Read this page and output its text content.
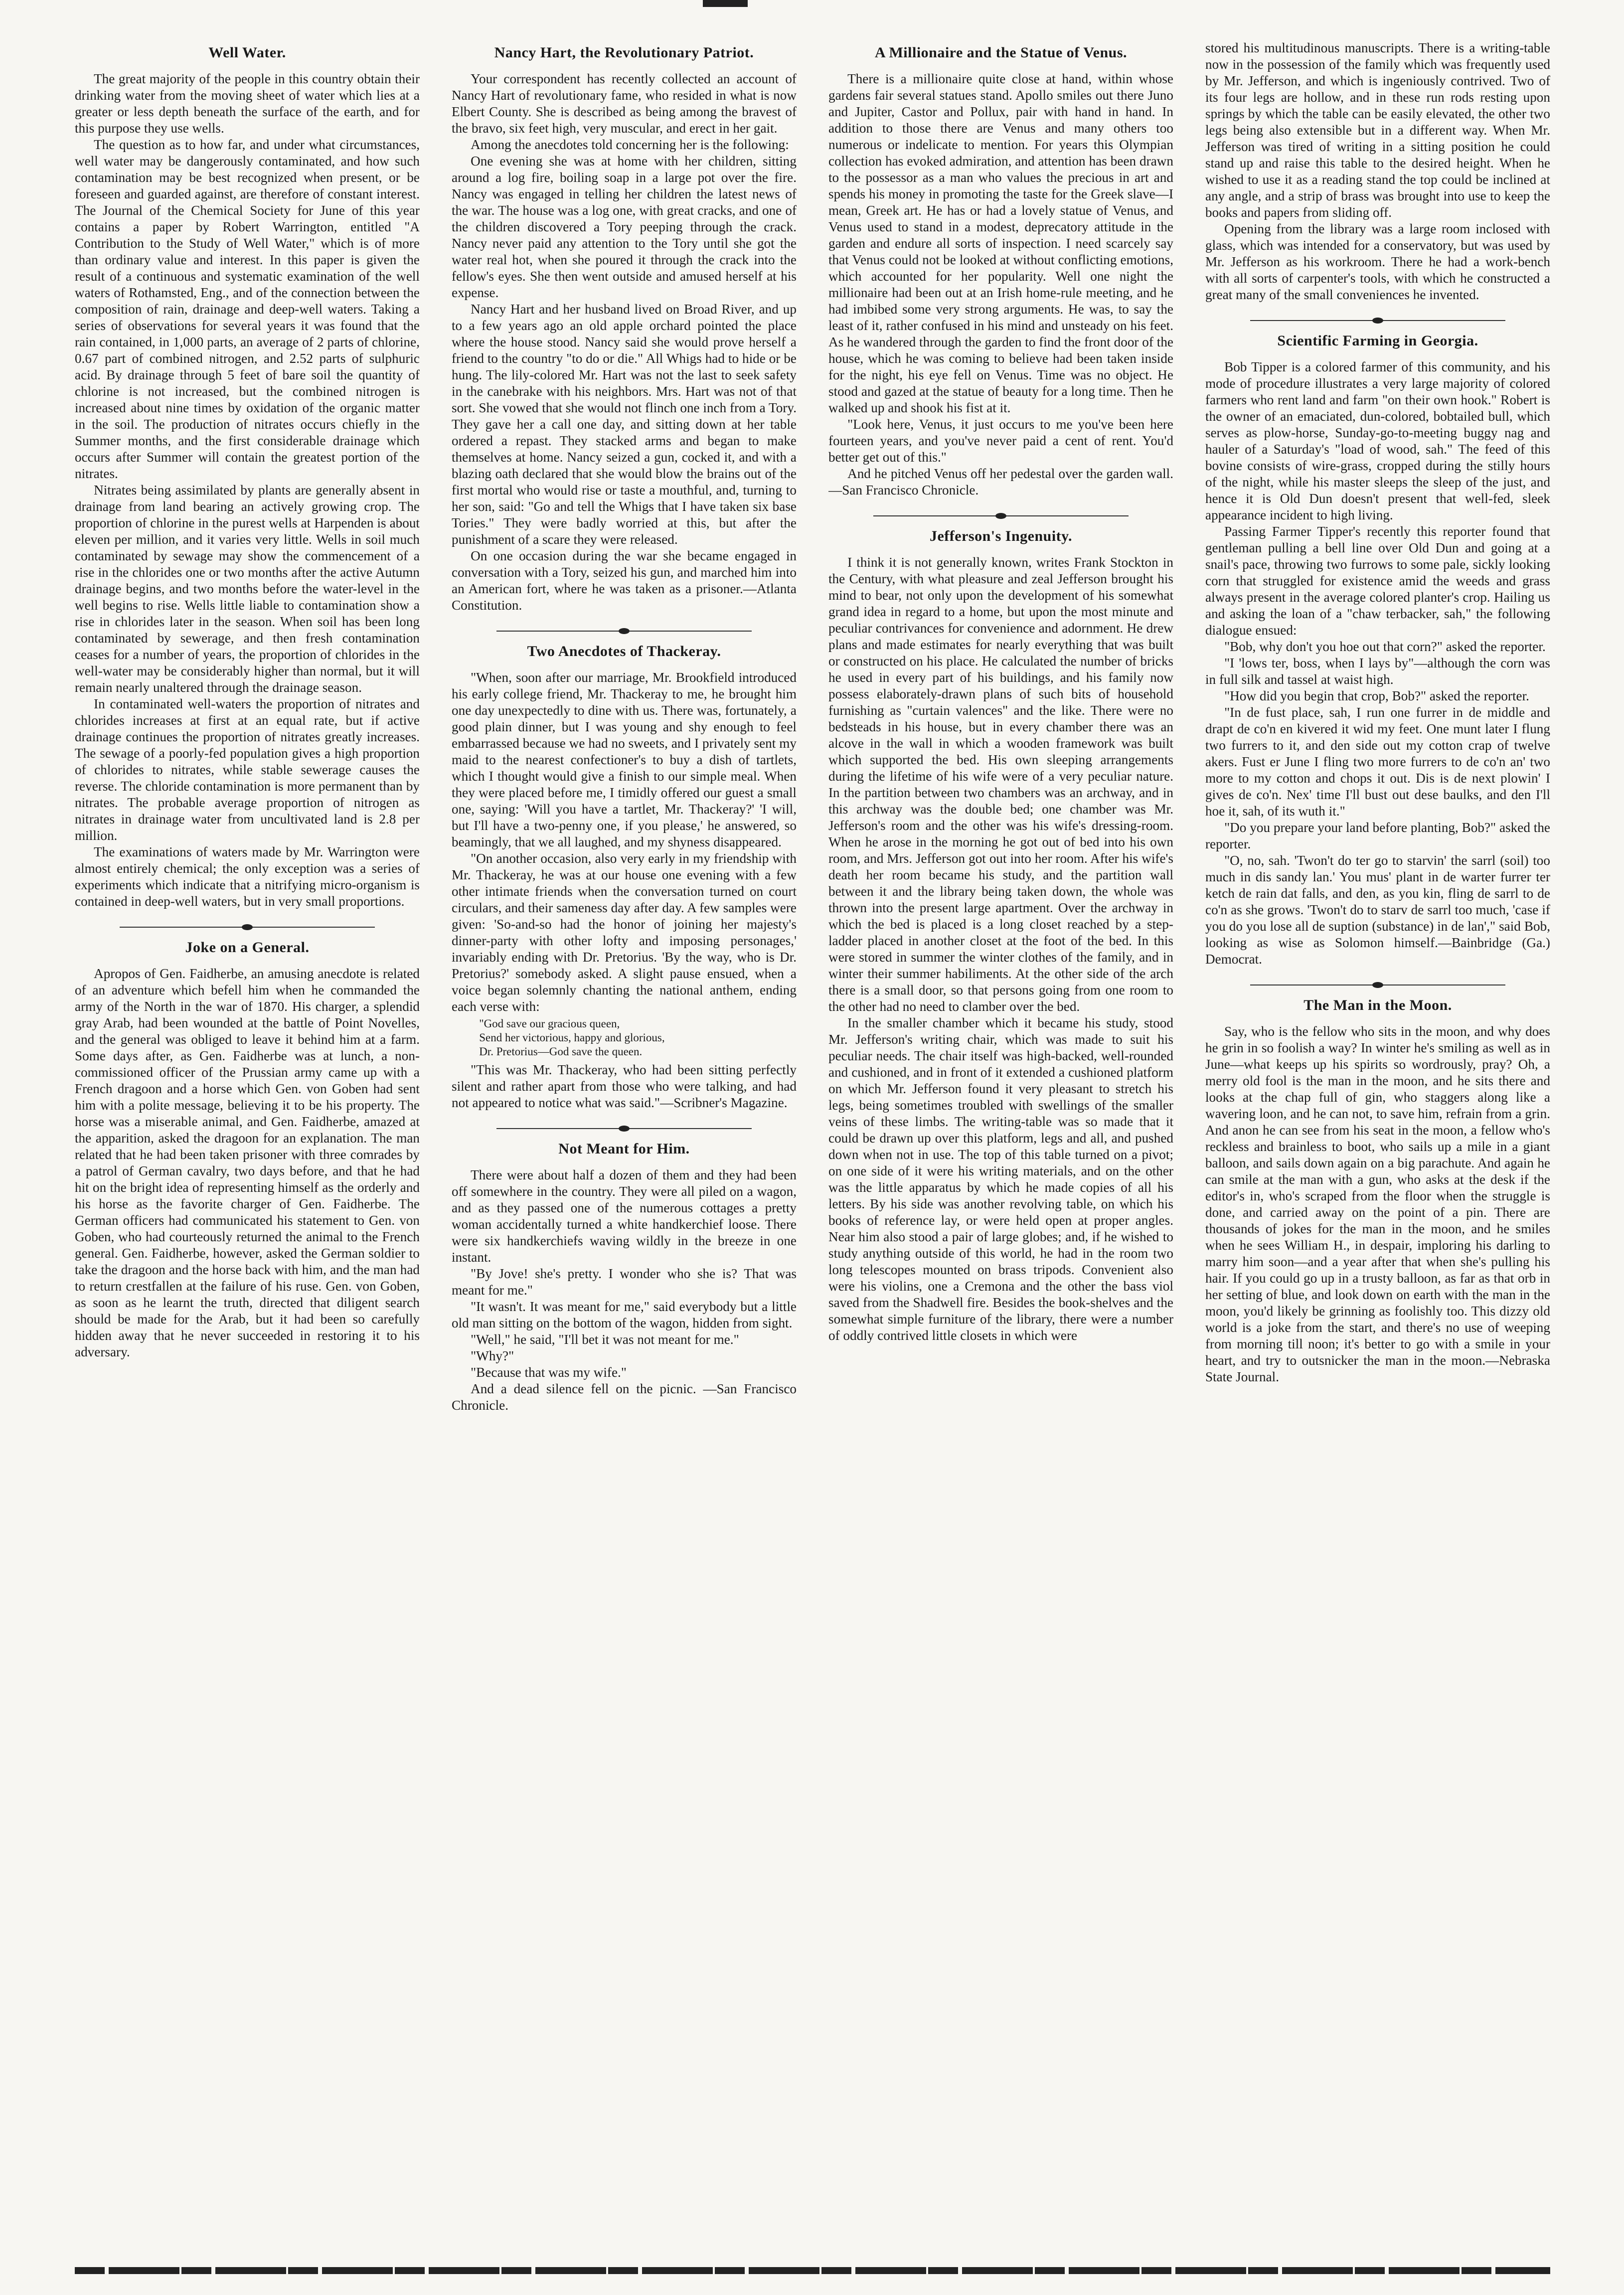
Well Water.

The great majority of the people in this country obtain their drinking water from the moving sheet of water which lies at a greater or less depth beneath the surface of the earth, and for this purpose they use wells.

The question as to how far, and under what circumstances, well water may be dangerously contaminated, and how such contamination may be best recognized when present, or be foreseen and guarded against, are therefore of constant interest. The Journal of the Chemical Society for June of this year contains a paper by Robert Warrington, entitled "A Contribution to the Study of Well Water," which is of more than ordinary value and interest. In this paper is given the result of a continuous and systematic examination of the well waters of Rothamsted, Eng., and of the connection between the composition of rain, drainage and deep-well waters. Taking a series of observations for several years it was found that the rain contained, in 1,000 parts, an average of 2 parts of chlorine, 0.67 part of combined nitrogen, and 2.52 parts of sulphuric acid. By drainage through 5 feet of bare soil the quantity of chlorine is not increased, but the combined nitrogen is increased about nine times by oxidation of the organic matter in the soil. The production of nitrates occurs chiefly in the Summer months, and the first considerable drainage which occurs after Summer will contain the greatest portion of the nitrates.

Nitrates being assimilated by plants are generally absent in drainage from land bearing an actively growing crop. The proportion of chlorine in the purest wells at Harpenden is about eleven per million, and it varies very little. Wells in soil much contaminated by sewage may show the commencement of a rise in the chlorides one or two months after the active Autumn drainage begins, and two months before the water-level in the well begins to rise. Wells little liable to contamination show a rise in chlorides later in the season. When soil has been long contaminated by sewerage, and then fresh contamination ceases for a number of years, the proportion of chlorides in the well-water may be considerably higher than normal, but it will remain nearly unaltered through the drainage season.

In contaminated well-waters the proportion of nitrates and chlorides increases at first at an equal rate, but if active drainage continues the proportion of nitrates greatly increases. The sewage of a poorly-fed population gives a high proportion of chlorides to nitrates, while stable sewerage causes the reverse. The chloride contamination is more permanent than by nitrates. The probable average proportion of nitrogen as nitrates in drainage water from uncultivated land is 2.8 per million.

The examinations of waters made by Mr. Warrington were almost entirely chemical; the only exception was a series of experiments which indicate that a nitrifying micro-organism is contained in deep-well waters, but in very small proportions.

Joke on a General.

Apropos of Gen. Faidherbe, an amusing anecdote is related of an adventure which befell him when he commanded the army of the North in the war of 1870. His charger, a splendid gray Arab, had been wounded at the battle of Point Novelles, and the general was obliged to leave it behind him at a farm. Some days after, as Gen. Faidherbe was at lunch, a non-commissioned officer of the Prussian army came up with a French dragoon and a horse which Gen. von Goben had sent him with a polite message, believing it to be his property. The horse was a miserable animal, and Gen. Faidherbe, amazed at the apparition, asked the dragoon for an explanation. The man related that he had been taken prisoner with three comrades by a patrol of German cavalry, two days before, and that he had hit on the bright idea of representing himself as the orderly and his horse as the favorite charger of Gen. Faidherbe. The German officers had communicated his statement to Gen. von Goben, who had courteously returned the animal to the French general. Gen. Faidherbe, however, asked the German soldier to take the dragoon and the horse back with him, and the man had to return crestfallen at the failure of his ruse. Gen. von Goben, as soon as he learnt the truth, directed that diligent search should be made for the Arab, but it had been so carefully hidden away that he never succeeded in restoring it to his adversary.

Nancy Hart, the Revolutionary Patriot.

Your correspondent has recently collected an account of Nancy Hart of revolutionary fame, who resided in what is now Elbert County. She is described as being among the bravest of the bravo, six feet high, very muscular, and erect in her gait.

Among the anecdotes told concerning her is the following:

One evening she was at home with her children, sitting around a log fire, boiling soap in a large pot over the fire. Nancy was engaged in telling her children the latest news of the war. The house was a log one, with great cracks, and one of the children discovered a Tory peeping through the crack. Nancy never paid any attention to the Tory until she got the water real hot, when she poured it through the crack into the fellow's eyes. She then went outside and amused herself at his expense.

Nancy Hart and her husband lived on Broad River, and up to a few years ago an old apple orchard pointed the place where the house stood. Nancy said she would prove herself a friend to the country "to do or die." All Whigs had to hide or be hung. The lily-colored Mr. Hart was not the last to seek safety in the canebrake with his neighbors. Mrs. Hart was not of that sort. She vowed that she would not flinch one inch from a Tory. They gave her a call one day, and sitting down at her table ordered a repast. They stacked arms and began to make themselves at home. Nancy seized a gun, cocked it, and with a blazing oath declared that she would blow the brains out of the first mortal who would rise or taste a mouthful, and, turning to her son, said: "Go and tell the Whigs that I have taken six base Tories." They were badly worried at this, but after the punishment of a scare they were released.

On one occasion during the war she became engaged in conversation with a Tory, seized his gun, and marched him into an American fort, where he was taken as a prisoner.—Atlanta Constitution.

Two Anecdotes of Thackeray.

"When, soon after our marriage, Mr. Brookfield introduced his early college friend, Mr. Thackeray to me, he brought him one day unexpectedly to dine with us. There was, fortunately, a good plain dinner, but I was young and shy enough to feel embarrassed because we had no sweets, and I privately sent my maid to the nearest confectioner's to buy a dish of tartlets, which I thought would give a finish to our simple meal. When they were placed before me, I timidly offered our guest a small one, saying: 'Will you have a tartlet, Mr. Thackeray?' 'I will, but I'll have a two-penny one, if you please,' he answered, so beamingly, that we all laughed, and my shyness disappeared.

"On another occasion, also very early in my friendship with Mr. Thackeray, he was at our house one evening with a few other intimate friends when the conversation turned on court circulars, and their sameness day after day. A few samples were given: 'So-and-so had the honor of joining her majesty's dinner-party with other lofty and imposing personages,' invariably ending with Dr. Pretorius. 'By the way, who is Dr. Pretorius?' somebody asked. A slight pause ensued, when a voice began solemnly chanting the national anthem, ending each verse with:

"God save our gracious queen,
Send her victorious, happy and glorious,
Dr. Pretorius—God save the queen.

"This was Mr. Thackeray, who had been sitting perfectly silent and rather apart from those who were talking, and had not appeared to notice what was said."—Scribner's Magazine.

Not Meant for Him.

There were about half a dozen of them and they had been off somewhere in the country. They were all piled on a wagon, and as they passed one of the numerous cottages a pretty woman accidentally turned a white handkerchief loose. There were six handkerchiefs waving wildly in the breeze in one instant.

"By Jove! she's pretty. I wonder who she is? That was meant for me."

"It wasn't. It was meant for me," said everybody but a little old man sitting on the bottom of the wagon, hidden from sight.

"Well," he said, "I'll bet it was not meant for me."

"Why?"

"Because that was my wife."

And a dead silence fell on the picnic. —San Francisco Chronicle.

A Millionaire and the Statue of Venus.

There is a millionaire quite close at hand, within whose gardens fair several statues stand. Apollo smiles out there Juno and Jupiter, Castor and Pollux, pair with hand in hand. In addition to those there are Venus and many others too numerous or indelicate to mention. For years this Olympian collection has evoked admiration, and attention has been drawn to the possessor as a man who values the precious in art and spends his money in promoting the taste for the Greek slave—I mean, Greek art. He has or had a lovely statue of Venus, and Venus used to stand in a modest, deprecatory attitude in the garden and endure all sorts of inspection. I need scarcely say that Venus could not be looked at without conflicting emotions, which accounted for her popularity. Well one night the millionaire had been out at an Irish home-rule meeting, and he had imbibed some very strong arguments. He was, to say the least of it, rather confused in his mind and unsteady on his feet. As he wandered through the garden to find the front door of the house, which he was coming to believe had been taken inside for the night, his eye fell on Venus. Time was no object. He stood and gazed at the statue of beauty for a long time. Then he walked up and shook his fist at it.

"Look here, Venus, it just occurs to me you've been here fourteen years, and you've never paid a cent of rent. You'd better get out of this."

And he pitched Venus off her pedestal over the garden wall.—San Francisco Chronicle.

Jefferson's Ingenuity.

I think it is not generally known, writes Frank Stockton in the Century, with what pleasure and zeal Jefferson brought his mind to bear, not only upon the development of his somewhat grand idea in regard to a home, but upon the most minute and peculiar contrivances for convenience and adornment. He drew plans and made estimates for nearly everything that was built or constructed on his place. He calculated the number of bricks he used in every part of his buildings, and his family now possess elaborately-drawn plans of such bits of household furnishing as "curtain valences" and the like. There were no bedsteads in his house, but in every chamber there was an alcove in the wall in which a wooden framework was built which supported the bed. His own sleeping arrangements during the lifetime of his wife were of a very peculiar nature. In the partition between two chambers was an archway, and in this archway was the double bed; one chamber was Mr. Jefferson's room and the other was his wife's dressing-room. When he arose in the morning he got out of bed into his own room, and Mrs. Jefferson got out into her room. After his wife's death her room became his study, and the partition wall between it and the library being taken down, the whole was thrown into the present large apartment. Over the archway in which the bed is placed is a long closet reached by a step-ladder placed in another closet at the foot of the bed. In this were stored in summer the winter clothes of the family, and in winter their summer habiliments. At the other side of the arch there is a small door, so that persons going from one room to the other had no need to clamber over the bed.

In the smaller chamber which it became his study, stood Mr. Jefferson's writing chair, which was made to suit his peculiar needs. The chair itself was high-backed, well-rounded and cushioned, and in front of it extended a cushioned platform on which Mr. Jefferson found it very pleasant to stretch his legs, being sometimes troubled with swellings of the smaller veins of these limbs. The writing-table was so made that it could be drawn up over this platform, legs and all, and pushed down when not in use. The top of this table turned on a pivot; on one side of it were his writing materials, and on the other was the little apparatus by which he made copies of all his letters. By his side was another revolving table, on which his books of reference lay, or were held open at proper angles. Near him also stood a pair of large globes; and, if he wished to study anything outside of this world, he had in the room two long telescopes mounted on brass tripods. Convenient also were his violins, one a Cremona and the other the bass viol saved from the Shadwell fire. Besides the book-shelves and the somewhat simple furniture of the library, there were a number of oddly contrived little closets in which were

stored his multitudinous manuscripts. There is a writing-table now in the possession of the family which was frequently used by Mr. Jefferson, and which is ingeniously contrived. Two of its four legs are hollow, and in these run rods resting upon springs by which the table can be easily elevated, the other two legs being also extensible but in a different way. When Mr. Jefferson was tired of writing in a sitting position he could stand up and raise this table to the desired height. When he wished to use it as a reading stand the top could be inclined at any angle, and a strip of brass was brought into use to keep the books and papers from sliding off.

Opening from the library was a large room inclosed with glass, which was intended for a conservatory, but was used by Mr. Jefferson as his workroom. There he had a work-bench with all sorts of carpenter's tools, with which he constructed a great many of the small conveniences he invented.

Scientific Farming in Georgia.

Bob Tipper is a colored farmer of this community, and his mode of procedure illustrates a very large majority of colored farmers who rent land and farm "on their own hook." Robert is the owner of an emaciated, dun-colored, bobtailed bull, which serves as plow-horse, Sunday-go-to-meeting buggy nag and hauler of a Saturday's "load of wood, sah." The feed of this bovine consists of wire-grass, cropped during the stilly hours of the night, while his master sleeps the sleep of the just, and hence it is Old Dun doesn't present that well-fed, sleek appearance incident to high living.

Passing Farmer Tipper's recently this reporter found that gentleman pulling a bell line over Old Dun and going at a snail's pace, throwing two furrows to some pale, sickly looking corn that struggled for existence amid the weeds and grass always present in the average colored planter's crop. Hailing us and asking the loan of a "chaw terbacker, sah," the following dialogue ensued:

"Bob, why don't you hoe out that corn?" asked the reporter.

"I 'lows ter, boss, when I lays by"—although the corn was in full silk and tassel at waist high.

"How did you begin that crop, Bob?" asked the reporter.

"In de fust place, sah, I run one furrer in de middle and drapt de co'n en kivered it wid my feet. One munt later I flung two furrers to it, and den side out my cotton crap of twelve akers. Fust er June I fling two more furrers to de co'n an' two more to my cotton and chops it out. Dis is de next plowin' I gives de co'n. Nex' time I'll bust out dese baulks, and den I'll hoe it, sah, of its wuth it."

"Do you prepare your land before planting, Bob?" asked the reporter.

"O, no, sah. 'Twon't do ter go to starvin' the sarrl (soil) too much in dis sandy lan.' You mus' plant in de warter furrer ter ketch de rain dat falls, and den, as you kin, fling de sarrl to de co'n as she grows. 'Twon't do to starv de sarrl too much, 'case if you do you lose all de suption (substance) in de lan'," said Bob, looking as wise as Solomon himself.—Bainbridge (Ga.) Democrat.

The Man in the Moon.

Say, who is the fellow who sits in the moon, and why does he grin in so foolish a way? In winter he's smiling as well as in June—what keeps up his spirits so wordrously, pray? Oh, a merry old fool is the man in the moon, and he sits there and looks at the chap full of gin, who staggers along like a wavering loon, and he can not, to save him, refrain from a grin. And anon he can see from his seat in the moon, a fellow who's reckless and brainless to boot, who sails up a mile in a giant balloon, and sails down again on a big parachute. And again he can smile at the man with a gun, who asks at the desk if the editor's in, who's scraped from the floor when the struggle is done, and carried away on the point of a pin. There are thousands of jokes for the man in the moon, and he smiles when he sees William H., in despair, imploring his darling to marry him soon—and a year after that when she's pulling his hair. If you could go up in a trusty balloon, as far as that orb in her setting of blue, and look down on earth with the man in the moon, you'd likely be grinning as foolishly too. This dizzy old world is a joke from the start, and there's no use of weeping from morning till noon; it's better to go with a smile in your heart, and try to outsnicker the man in the moon.—Nebraska State Journal.
